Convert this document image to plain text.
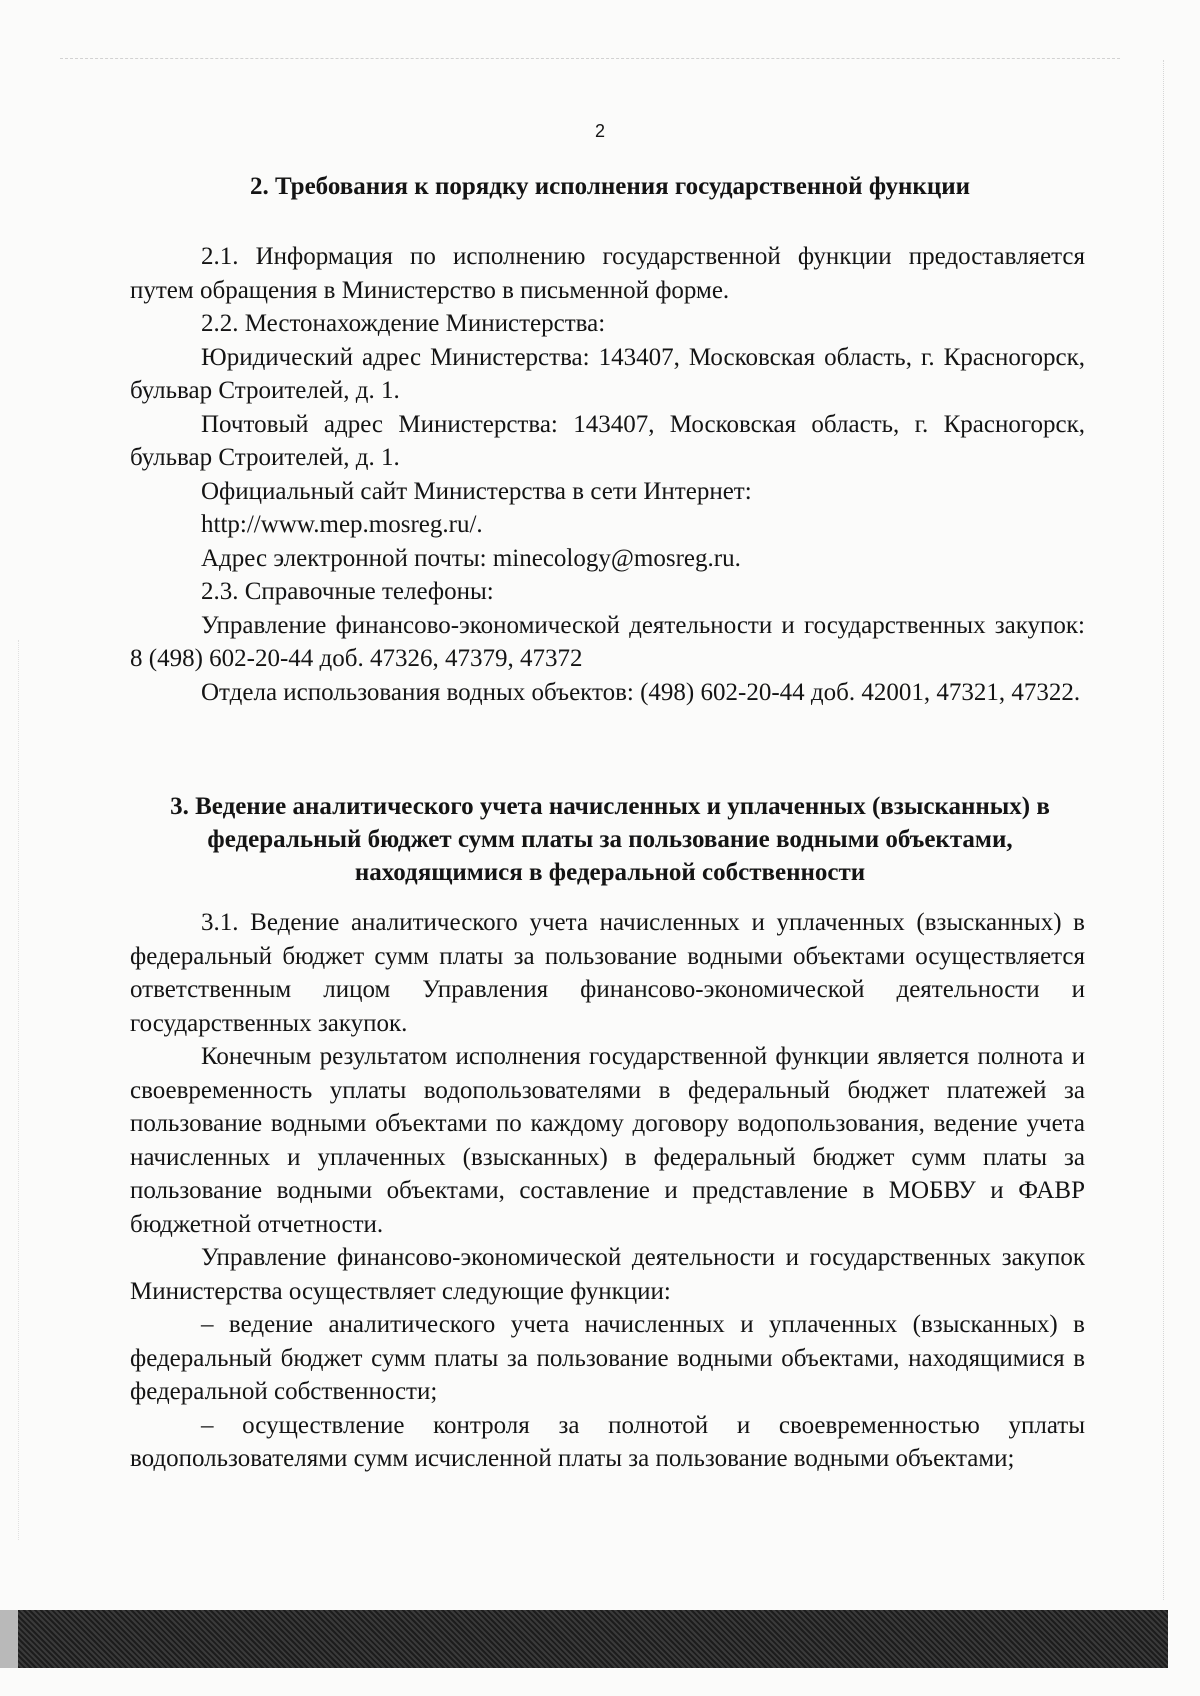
2
2. Требования к порядку исполнения государственной функции

2.1. Информация по исполнению государственной функции предоставляется путем обращения в Министерство в письменной форме.

2.2. Местонахождение Министерства:

Юридический адрес Министерства: 143407, Московская область, г. Красногорск, бульвар Строителей, д. 1.

Почтовый адрес Министерства: 143407, Московская область, г. Красногорск, бульвар Строителей, д. 1.

Официальный сайт Министерства в сети Интернет:

http://www.mep.mosreg.ru/.

Адрес электронной почты: minecology@mosreg.ru.

2.3. Справочные телефоны:

Управление финансово-экономической деятельности и государственных закупок: 8 (498) 602-20-44 доб. 47326, 47379, 47372

Отдела использования водных объектов: (498) 602-20-44 доб. 42001, 47321, 47322.

3. Ведение аналитического учета начисленных и уплаченных (взысканных) в федеральный бюджет сумм платы за пользование водными объектами, находящимися в федеральной собственности

3.1. Ведение аналитического учета начисленных и уплаченных (взысканных) в федеральный бюджет сумм платы за пользование водными объектами осуществляется ответственным лицом Управления финансово-экономической деятельности и государственных закупок.

Конечным результатом исполнения государственной функции является полнота и своевременность уплаты водопользователями в федеральный бюджет платежей за пользование водными объектами по каждому договору водопользования, ведение учета начисленных и уплаченных (взысканных) в федеральный бюджет сумм платы за пользование водными объектами, составление и представление в МОБВУ и ФАВР бюджетной отчетности.

Управление финансово-экономической деятельности и государственных закупок Министерства осуществляет следующие функции:

– ведение аналитического учета начисленных и уплаченных (взысканных) в федеральный бюджет сумм платы за пользование водными объектами, находящимися в федеральной собственности;

– осуществление контроля за полнотой и своевременностью уплаты водопользователями сумм исчисленной платы за пользование водными объектами;
